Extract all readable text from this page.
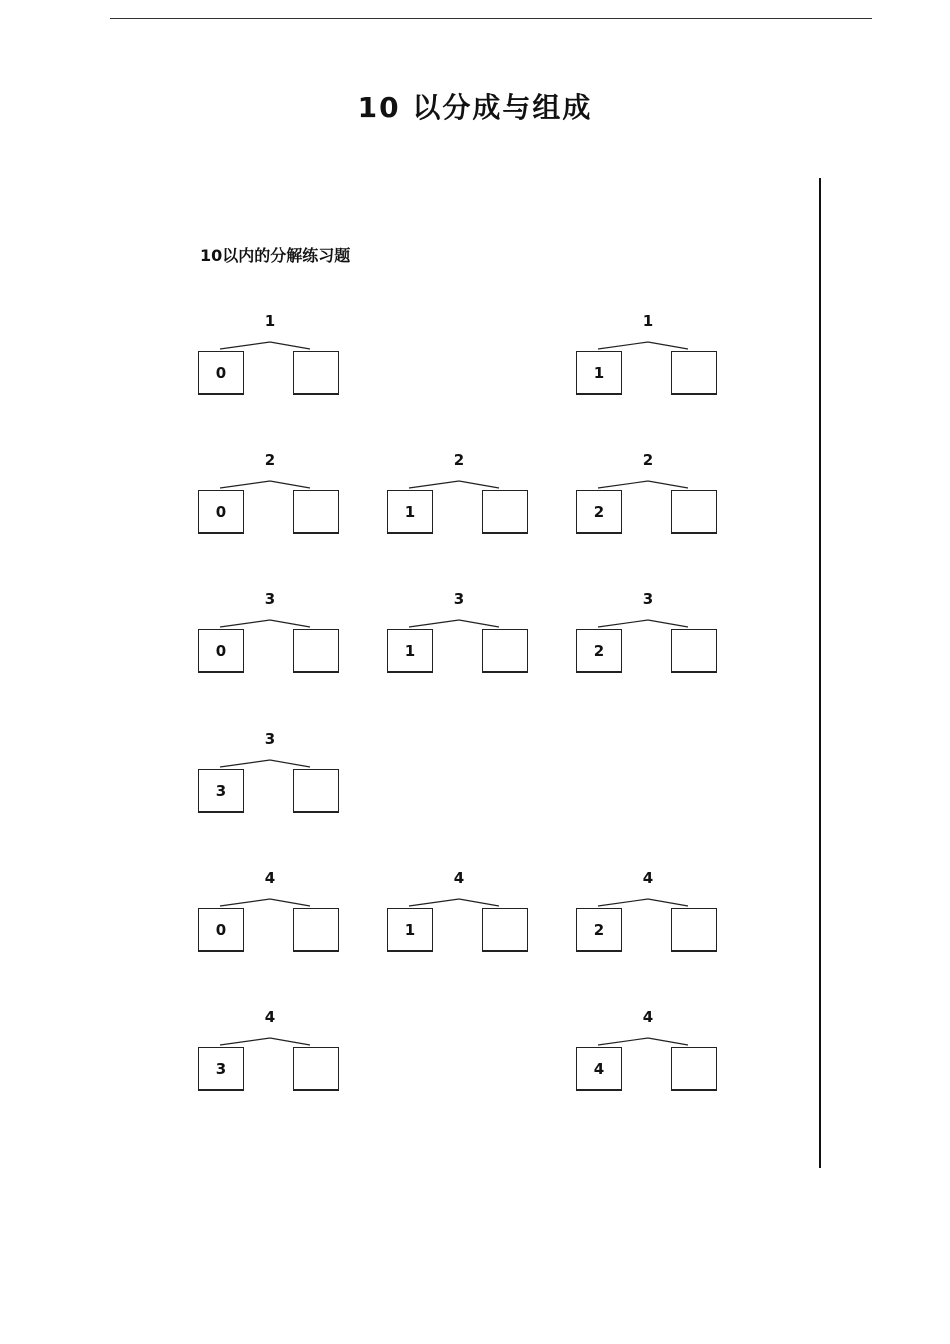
10 以分成与组成
10以内的分解练习题
1
0
1
1
2
0
2
1
2
2
3
0
3
1
3
2
3
3
4
0
4
1
4
2
4
3
4
4
